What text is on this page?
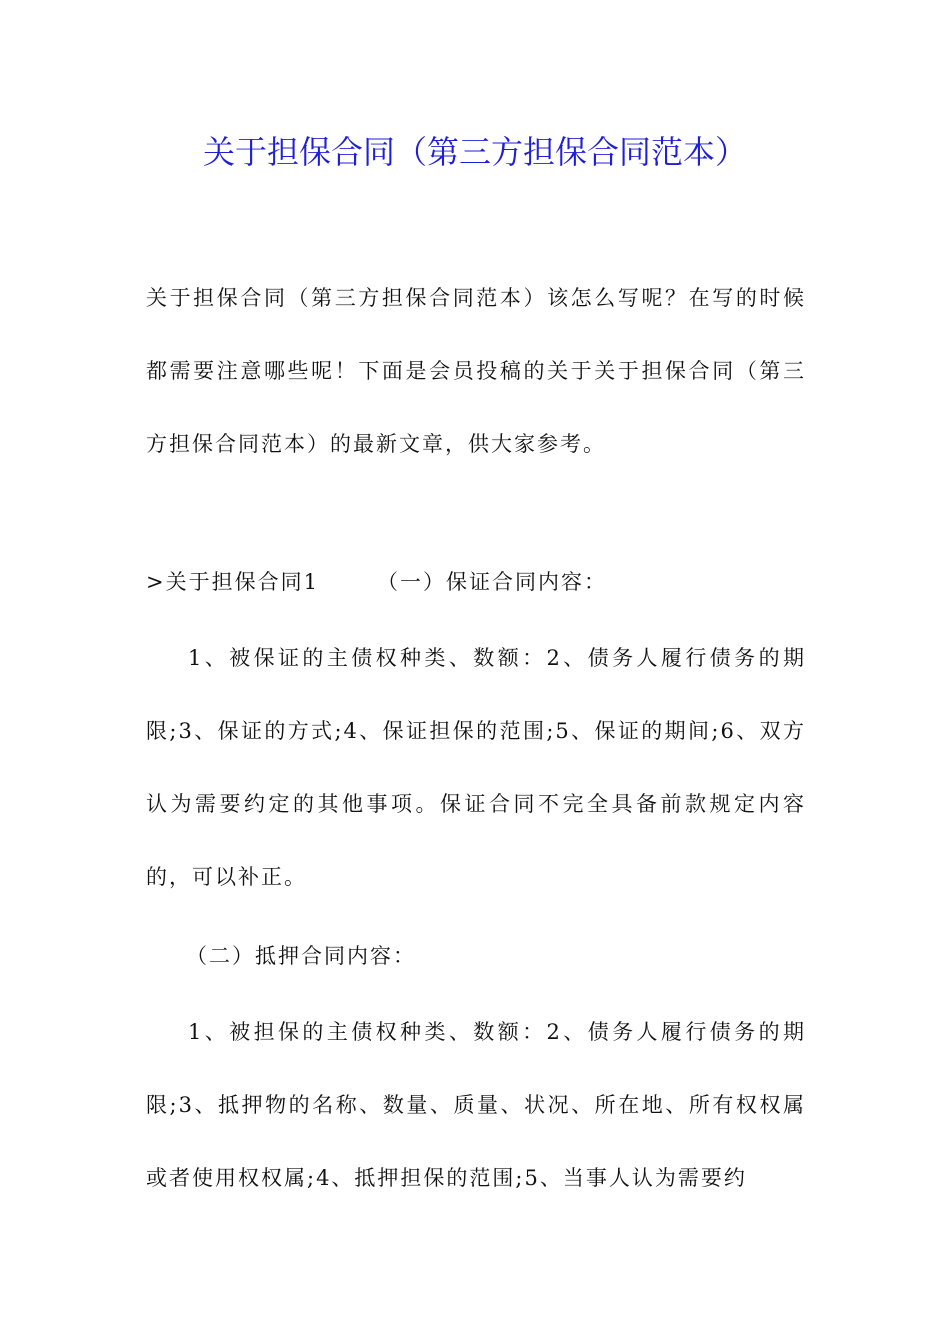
关于担保合同（第三方担保合同范本）

关于担保合同（第三方担保合同范本）该怎么写呢？在写的时候都需要注意哪些呢！下面是会员投稿的关于关于担保合同（第三方担保合同范本）的最新文章，供大家参考。

>关于担保合同1	（一）保证合同内容：

1、被保证的主债权种类、数额：2、债务人履行债务的期限;3、保证的方式;4、保证担保的范围;5、保证的期间;6、双方认为需要约定的其他事项。保证合同不完全具备前款规定内容的，可以补正。

（二）抵押合同内容：

1、被担保的主债权种类、数额：2、债务人履行债务的期限;3、抵押物的名称、数量、质量、状况、所在地、所有权权属或者使用权权属;4、抵押担保的范围;5、当事人认为需要约
